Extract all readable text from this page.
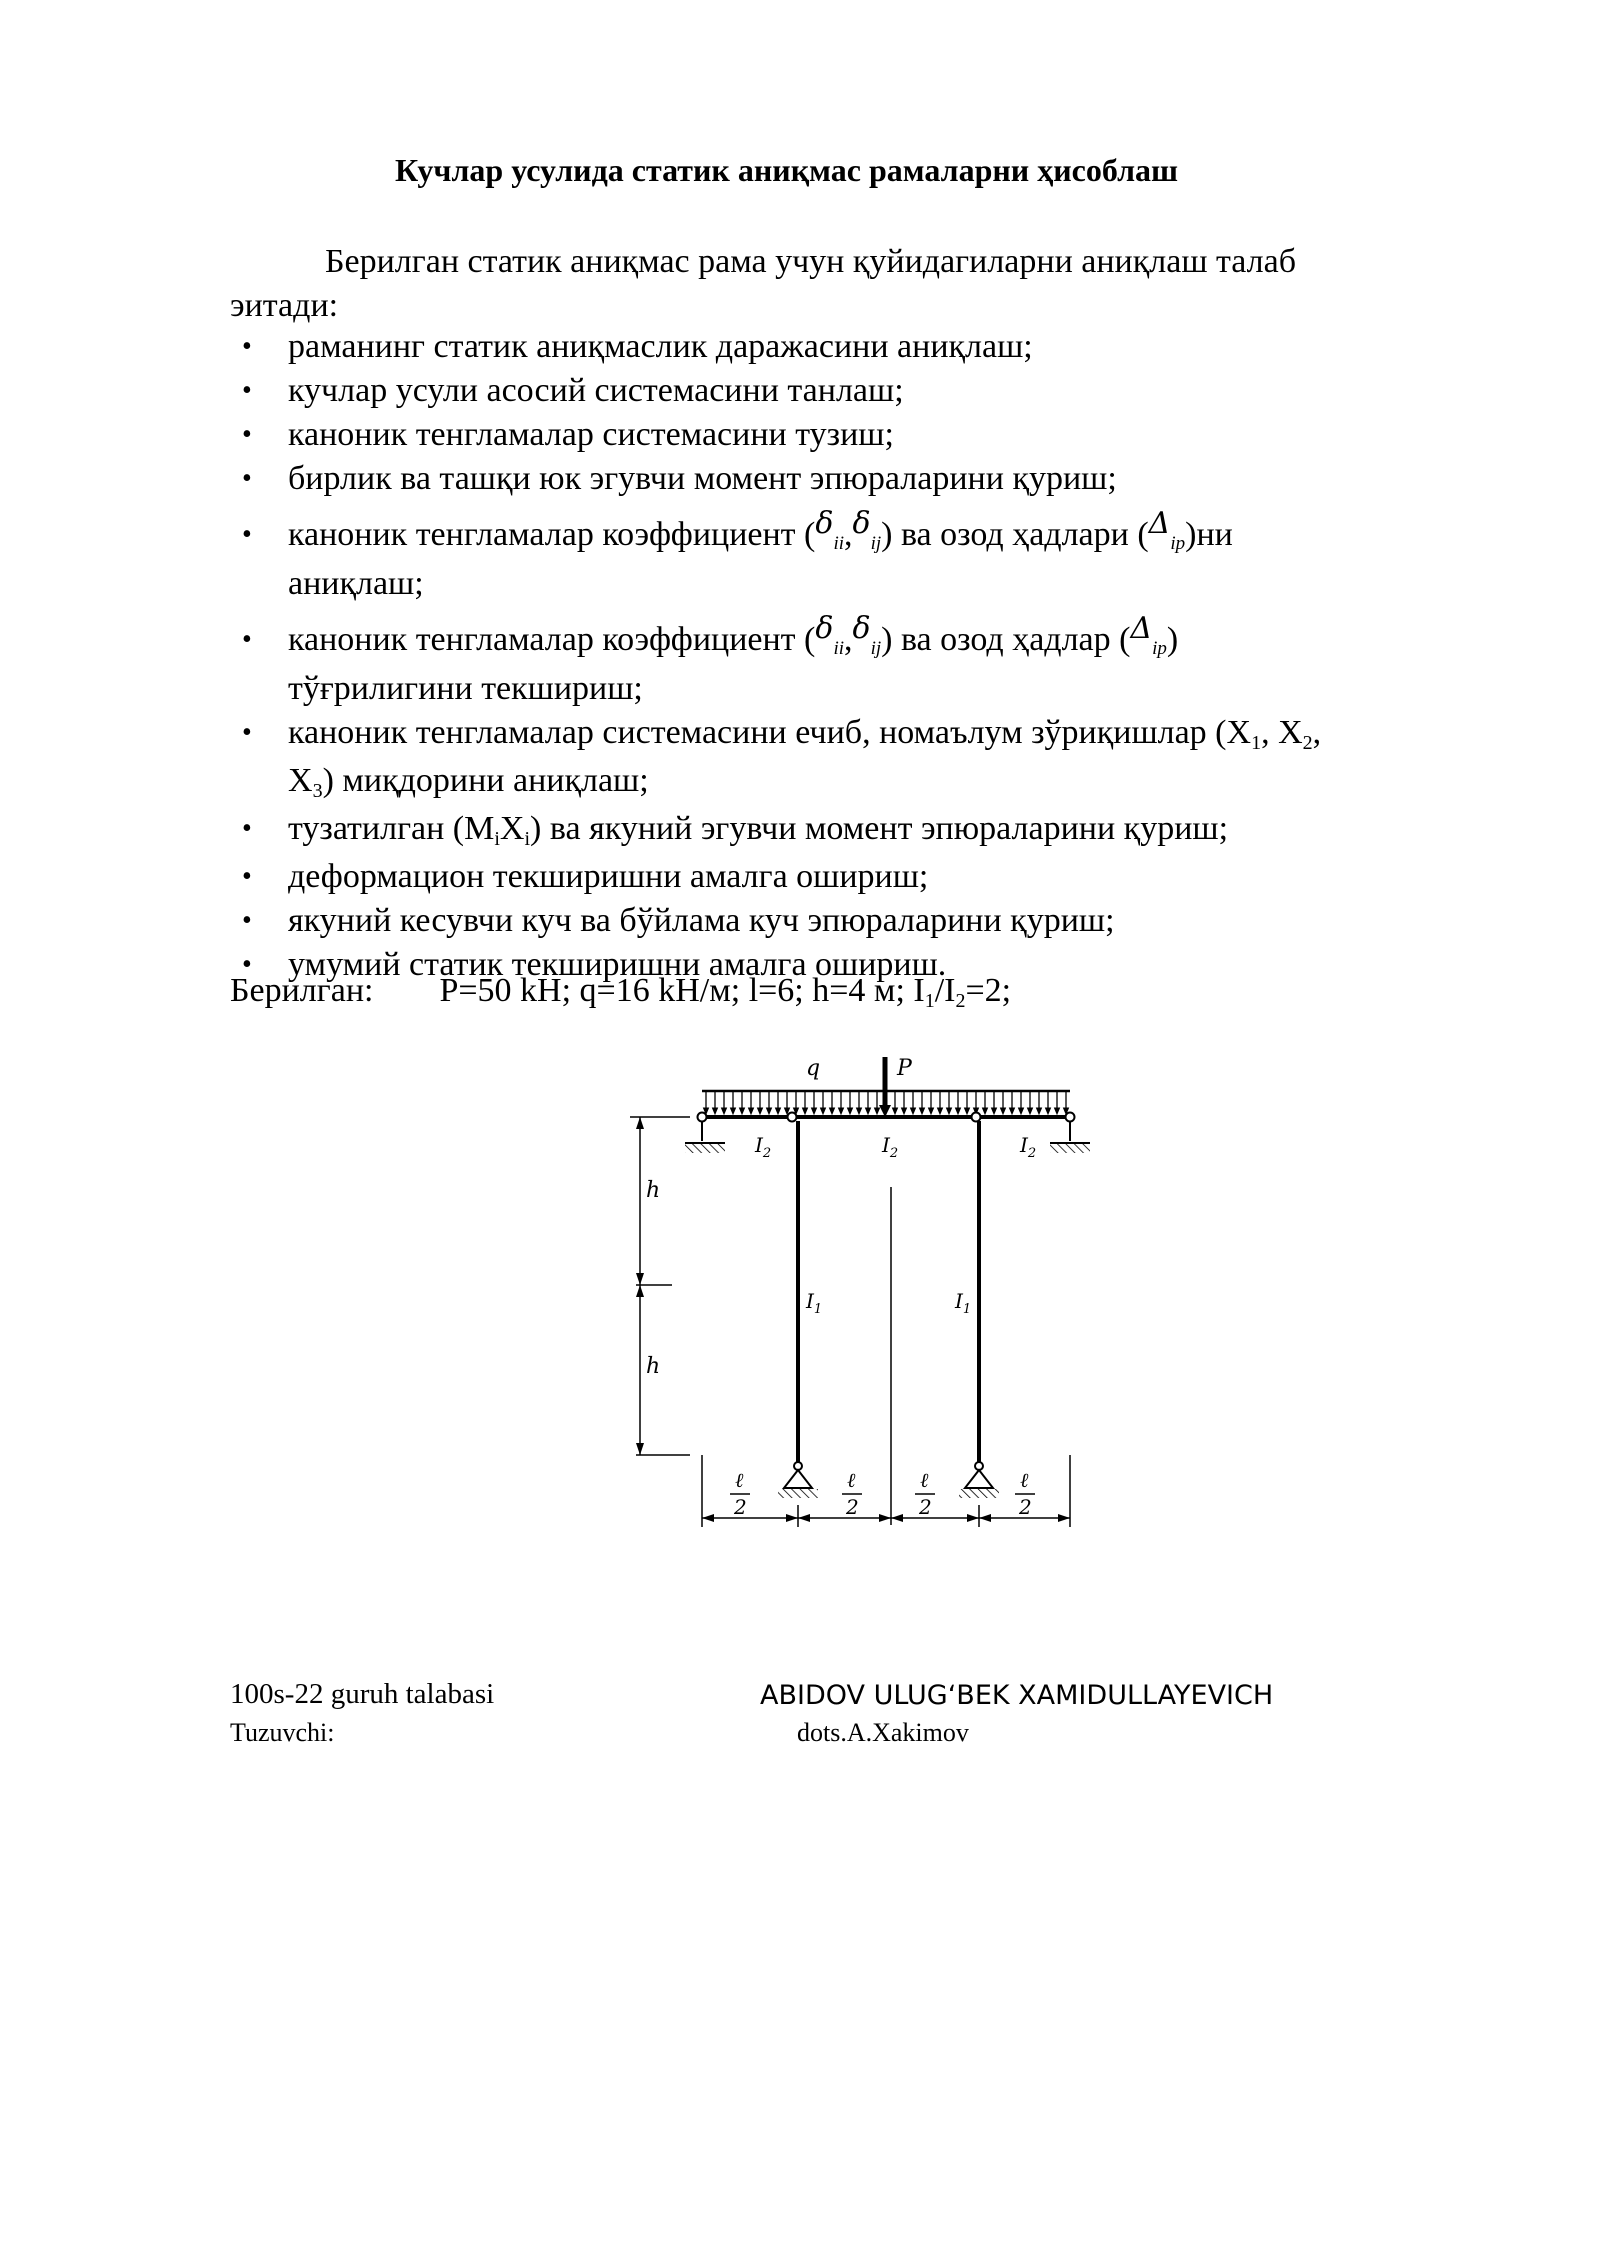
Кучлар усулида статик аниқмас рамаларни ҳисоблаш
Берилган статик аниқмас рама учун қуйидагиларни аниқлаш талаб
эитади:
• раманинг статик аниқмаслик даражасини аниқлаш;
• кучлар усули асосий системасини танлаш;
• каноник тенгламалар системасини тузиш;
• бирлик ва ташқи юк эгувчи момент эпюраларини қуриш;
• каноник тенгламалар коэффициент (δii,δij) ва озод ҳадлари (Δip)ни
аниқлаш;
• каноник тенгламалар коэффициент (δii,δij) ва озод ҳадлар (Δip)
тўғрилигини текшириш;
• каноник тенгламалар системасини ечиб, номаълум зўриқишлар (X1, X2,
X3) миқдорини аниқлаш;
• тузатилган (MiXi) ва якуний эгувчи момент эпюраларини қуриш;
• деформацион текширишни амалга ошириш;
• якуний кесувчи куч ва бўйлама куч эпюраларини қуриш;
• умумий статик текширишни амалга ошириш.
Берилган: P=50 kH; q=16 kH/м; l=6; h=4 м; I1/I2=2;
q	P
$I_2$	$I_2$	$I_2$
$I_1$	$I_1$
h
h
ℓ
2
ℓ
2
ℓ
2
ℓ
2
100s-22 guruh talabasi	ABIDOV ULUGʻBEK XAMIDULLAYEVICH
Tuzuvchi:	dots.A.Xakimov
